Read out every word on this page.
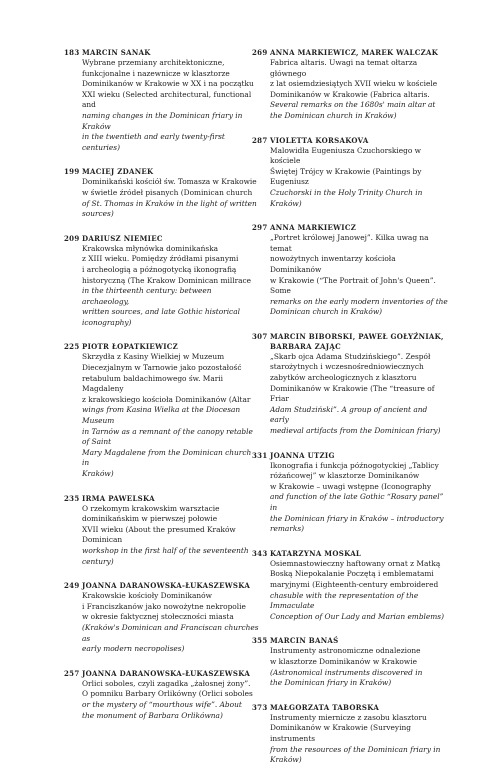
183 MARCIN SANAK

Wybrane przemiany architektoniczne,

funkcjonalne i nazewnicze w klasztorze

Dominikanów w Krakowie w XX i na początku

XXI wieku (Selected architectural, functional and

naming changes in the Dominican friary in Kraków

in the twentieth and early twenty-first centuries)

199 MACIEJ ZDANEK

Dominikański kościół św. Tomasza w Krakowie

w świetle źródeł pisanych (Dominican church

of St. Thomas in Kraków in the light of written

sources)

209 DARIUSZ NIEMIEC

Krakowska młynówka dominikańska

z XIII wieku. Pomiędzy źródłami pisanymi

i archeologią a późnogotycką ikonografią

historyczną (The Krakow Dominican millrace

in the thirteenth century: between archaeology,

written sources, and late Gothic historical

iconography)

225 PIOTR ŁOPATKIEWICZ

Skrzydła z Kasiny Wielkiej w Muzeum

Diecezjalnym w Tarnowie jako pozostałość

retabulum baldachimowego św. Marii Magdaleny

z krakowskiego kościoła Dominikanów (Altar

wings from Kasina Wielka at the Diocesan Museum

in Tarnów as a remnant of the canopy retable of Saint

Mary Magdalene from the Dominican church in

Kraków)

235 IRMA PAWELSKA

O rzekomym krakowskim warsztacie

dominikańskim w pierwszej połowie

XVII wieku (About the presumed Kraków Dominican

workshop in the first half of the seventeenth century)

249 JOANNA DARANOWSKA-ŁUKASZEWSKA

Krakowskie kościoły Dominikanów

i Franciszkanów jako nowożytne nekropolie

w okresie faktycznej stołeczności miasta

(Kraków's Dominican and Franciscan churches as

early modern necropolises)

257 JOANNA DARANOWSKA-ŁUKASZEWSKA

Orlici soboles, czyli zagadka „żałosnej żony”.

O pomniku Barbary Orlikówny (Orlici soboles

or the mystery of “mourthous wife”. About

the monument of Barbara Orlikówna)

269 ANNA MARKIEWICZ, MAREK WALCZAK

Fabrica altaris. Uwagi na temat ołtarza głównego

z lat osiemdziesiątych XVII wieku w kościele

Dominikanów w Krakowie (Fabrica altaris.

Several remarks on the 1680s' main altar at

the Dominican church in Kraków)

287 VIOLETTA KORSAKOVA

Malowidła Eugeniusza Czuchorskiego w kościele

Świętej Trójcy w Krakowie (Paintings by Eugeniusz

Czuchorski in the Holy Trinity Church in Kraków)

297 ANNA MARKIEWICZ

„Portret królowej Janowej”. Kilka uwag na temat

nowożytnych inwentarzy kościoła Dominikanów

w Krakowie (“The Portrait of John's Queen”. Some

remarks on the early modern inventories of the

Dominican church in Kraków)

307 MARCIN BIBORSKI, PAWEŁ GOŁYŹNIAK,
BARBARA ZAJĄC

„Skarb ojca Adama Studzińskiego”. Zespół

starożytnych i wczesnośredniowiecznych

zabytków archeologicznych z klasztoru

Dominikanów w Krakowie (The “treasure of Friar

Adam Studziński”. A group of ancient and early

medieval artifacts from the Dominican friary)

331 JOANNA UTZIG

Ikonografia i funkcja późnogotyckiej „Tablicy

różańcowej” w klasztorze Dominikanów

w Krakowie – uwagi wstępne (Iconography

and function of the late Gothic “Rosary panel” in

the Dominican friary in Kraków – introductory

remarks)

343 KATARZYNA MOSKAL

Osiemnastowieczny haftowany ornat z Matką

Boską Niepokalanie Poczętą i emblematami

maryjnymi (Eighteenth-century embroidered

chasuble with the representation of the Immaculate

Conception of Our Lady and Marian emblems)

355 MARCIN BANAŚ

Instrumenty astronomiczne odnalezione

w klasztorze Dominikanów w Krakowie

(Astronomical instruments discovered in

the Dominican friary in Kraków)

373 MAŁGORZATA TABORSKA

Instrumenty miernicze z zasobu klasztoru

Dominikanów w Krakowie (Surveying instruments

from the resources of the Dominican friary in

Kraków)
